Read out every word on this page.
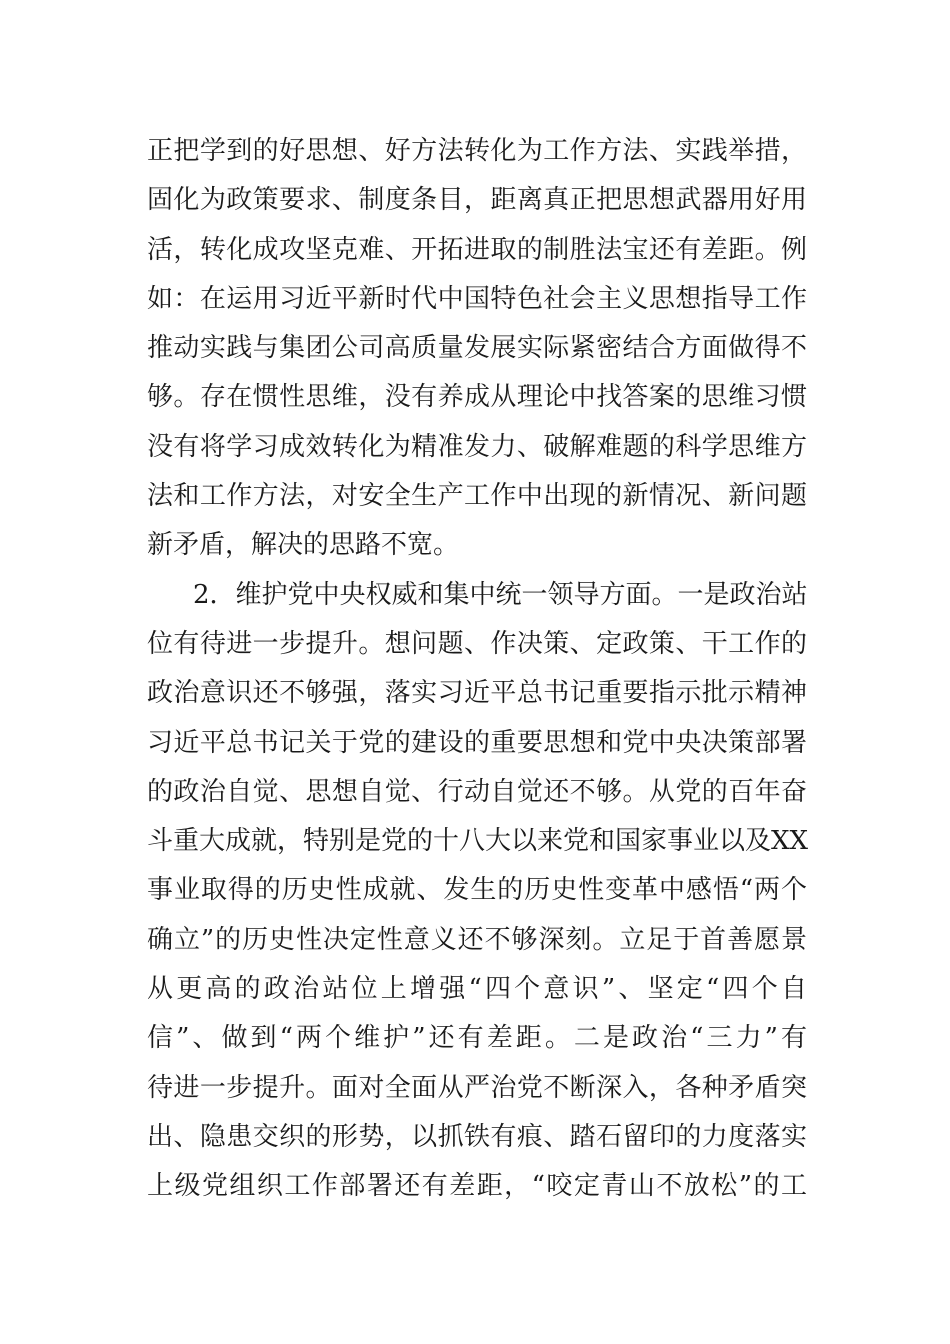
正把学到的好思想、好方法转化为工作方法、实践举措，
固化为政策要求、制度条目，距离真正把思想武器用好用
活，转化成攻坚克难、开拓进取的制胜法宝还有差距。例
如：在运用习近平新时代中国特色社会主义思想指导工作
推动实践与集团公司高质量发展实际紧密结合方面做得不
够。存在惯性思维，没有养成从理论中找答案的思维习惯
没有将学习成效转化为精准发力、破解难题的科学思维方
法和工作方法，对安全生产工作中出现的新情况、新问题
新矛盾，解决的思路不宽。
2．维护党中央权威和集中统一领导方面。一是政治站
位有待进一步提升。想问题、作决策、定政策、干工作的
政治意识还不够强，落实习近平总书记重要指示批示精神
习近平总书记关于党的建设的重要思想和党中央决策部署
的政治自觉、思想自觉、行动自觉还不够。从党的百年奋
斗重大成就，特别是党的十八大以来党和国家事业以及XX
事业取得的历史性成就、发生的历史性变革中感悟“两个
确立”的历史性决定性意义还不够深刻。立足于首善愿景
从更高的政治站位上增强“四个意识”、坚定“四个自
信”、做到“两个维护”还有差距。二是政治“三力”有
待进一步提升。面对全面从严治党不断深入，各种矛盾突
出、隐患交织的形势，以抓铁有痕、踏石留印的力度落实
上级党组织工作部署还有差距，“咬定青山不放松”的工
